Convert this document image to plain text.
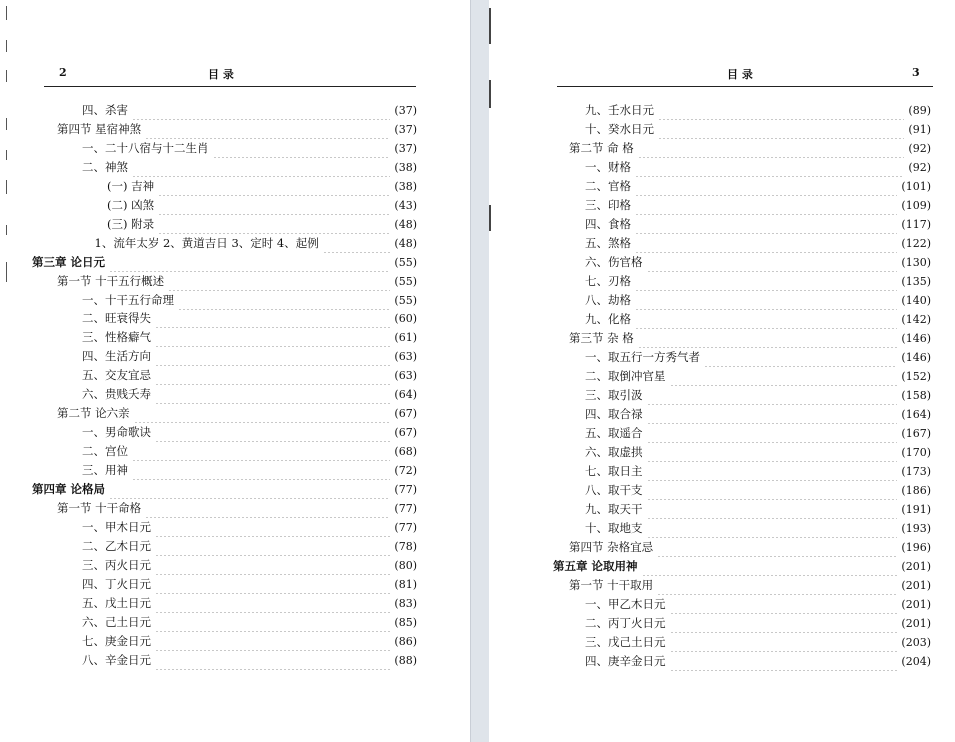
2	目 录
四、杀害	(37)
第四节 星宿神煞	(37)
一、二十八宿与十二生肖	(37)
二、神煞	(38)
(一) 吉神	(38)
(二) 凶煞	(43)
(三) 附录	(48)
1、流年太岁 2、黄道吉日 3、定时 4、起例	(48)
第三章 论日元	(55)
第一节 十干五行概述	(55)
一、十干五行命理	(55)
二、旺衰得失	(60)
三、性格癖气	(61)
四、生活方向	(63)
五、交友宜忌	(63)
六、贵贱夭寿	(64)
第二节 论六亲	(67)
一、男命歌诀	(67)
二、宫位	(68)
三、用神	(72)
第四章 论格局	(77)
第一节 十干命格	(77)
一、甲木日元	(77)
二、乙木日元	(78)
三、丙火日元	(80)
四、丁火日元	(81)
五、戊土日元	(83)
六、己土日元	(85)
七、庚金日元	(86)
八、辛金日元	(88)
目 录	3
九、壬水日元	(89)
十、癸水日元	(91)
第二节 命 格	(92)
一、财格	(92)
二、官格	(101)
三、印格	(109)
四、食格	(117)
五、煞格	(122)
六、伤官格	(130)
七、刃格	(135)
八、劫格	(140)
九、化格	(142)
第三节 杂 格	(146)
一、取五行一方秀气者	(146)
二、取倒冲官星	(152)
三、取引汲	(158)
四、取合禄	(164)
五、取遥合	(167)
六、取虚拱	(170)
七、取日主	(173)
八、取干支	(186)
九、取天干	(191)
十、取地支	(193)
第四节 杂格宜忌	(196)
第五章 论取用神	(201)
第一节 十干取用	(201)
一、甲乙木日元	(201)
二、丙丁火日元	(201)
三、戊己土日元	(203)
四、庚辛金日元	(204)
